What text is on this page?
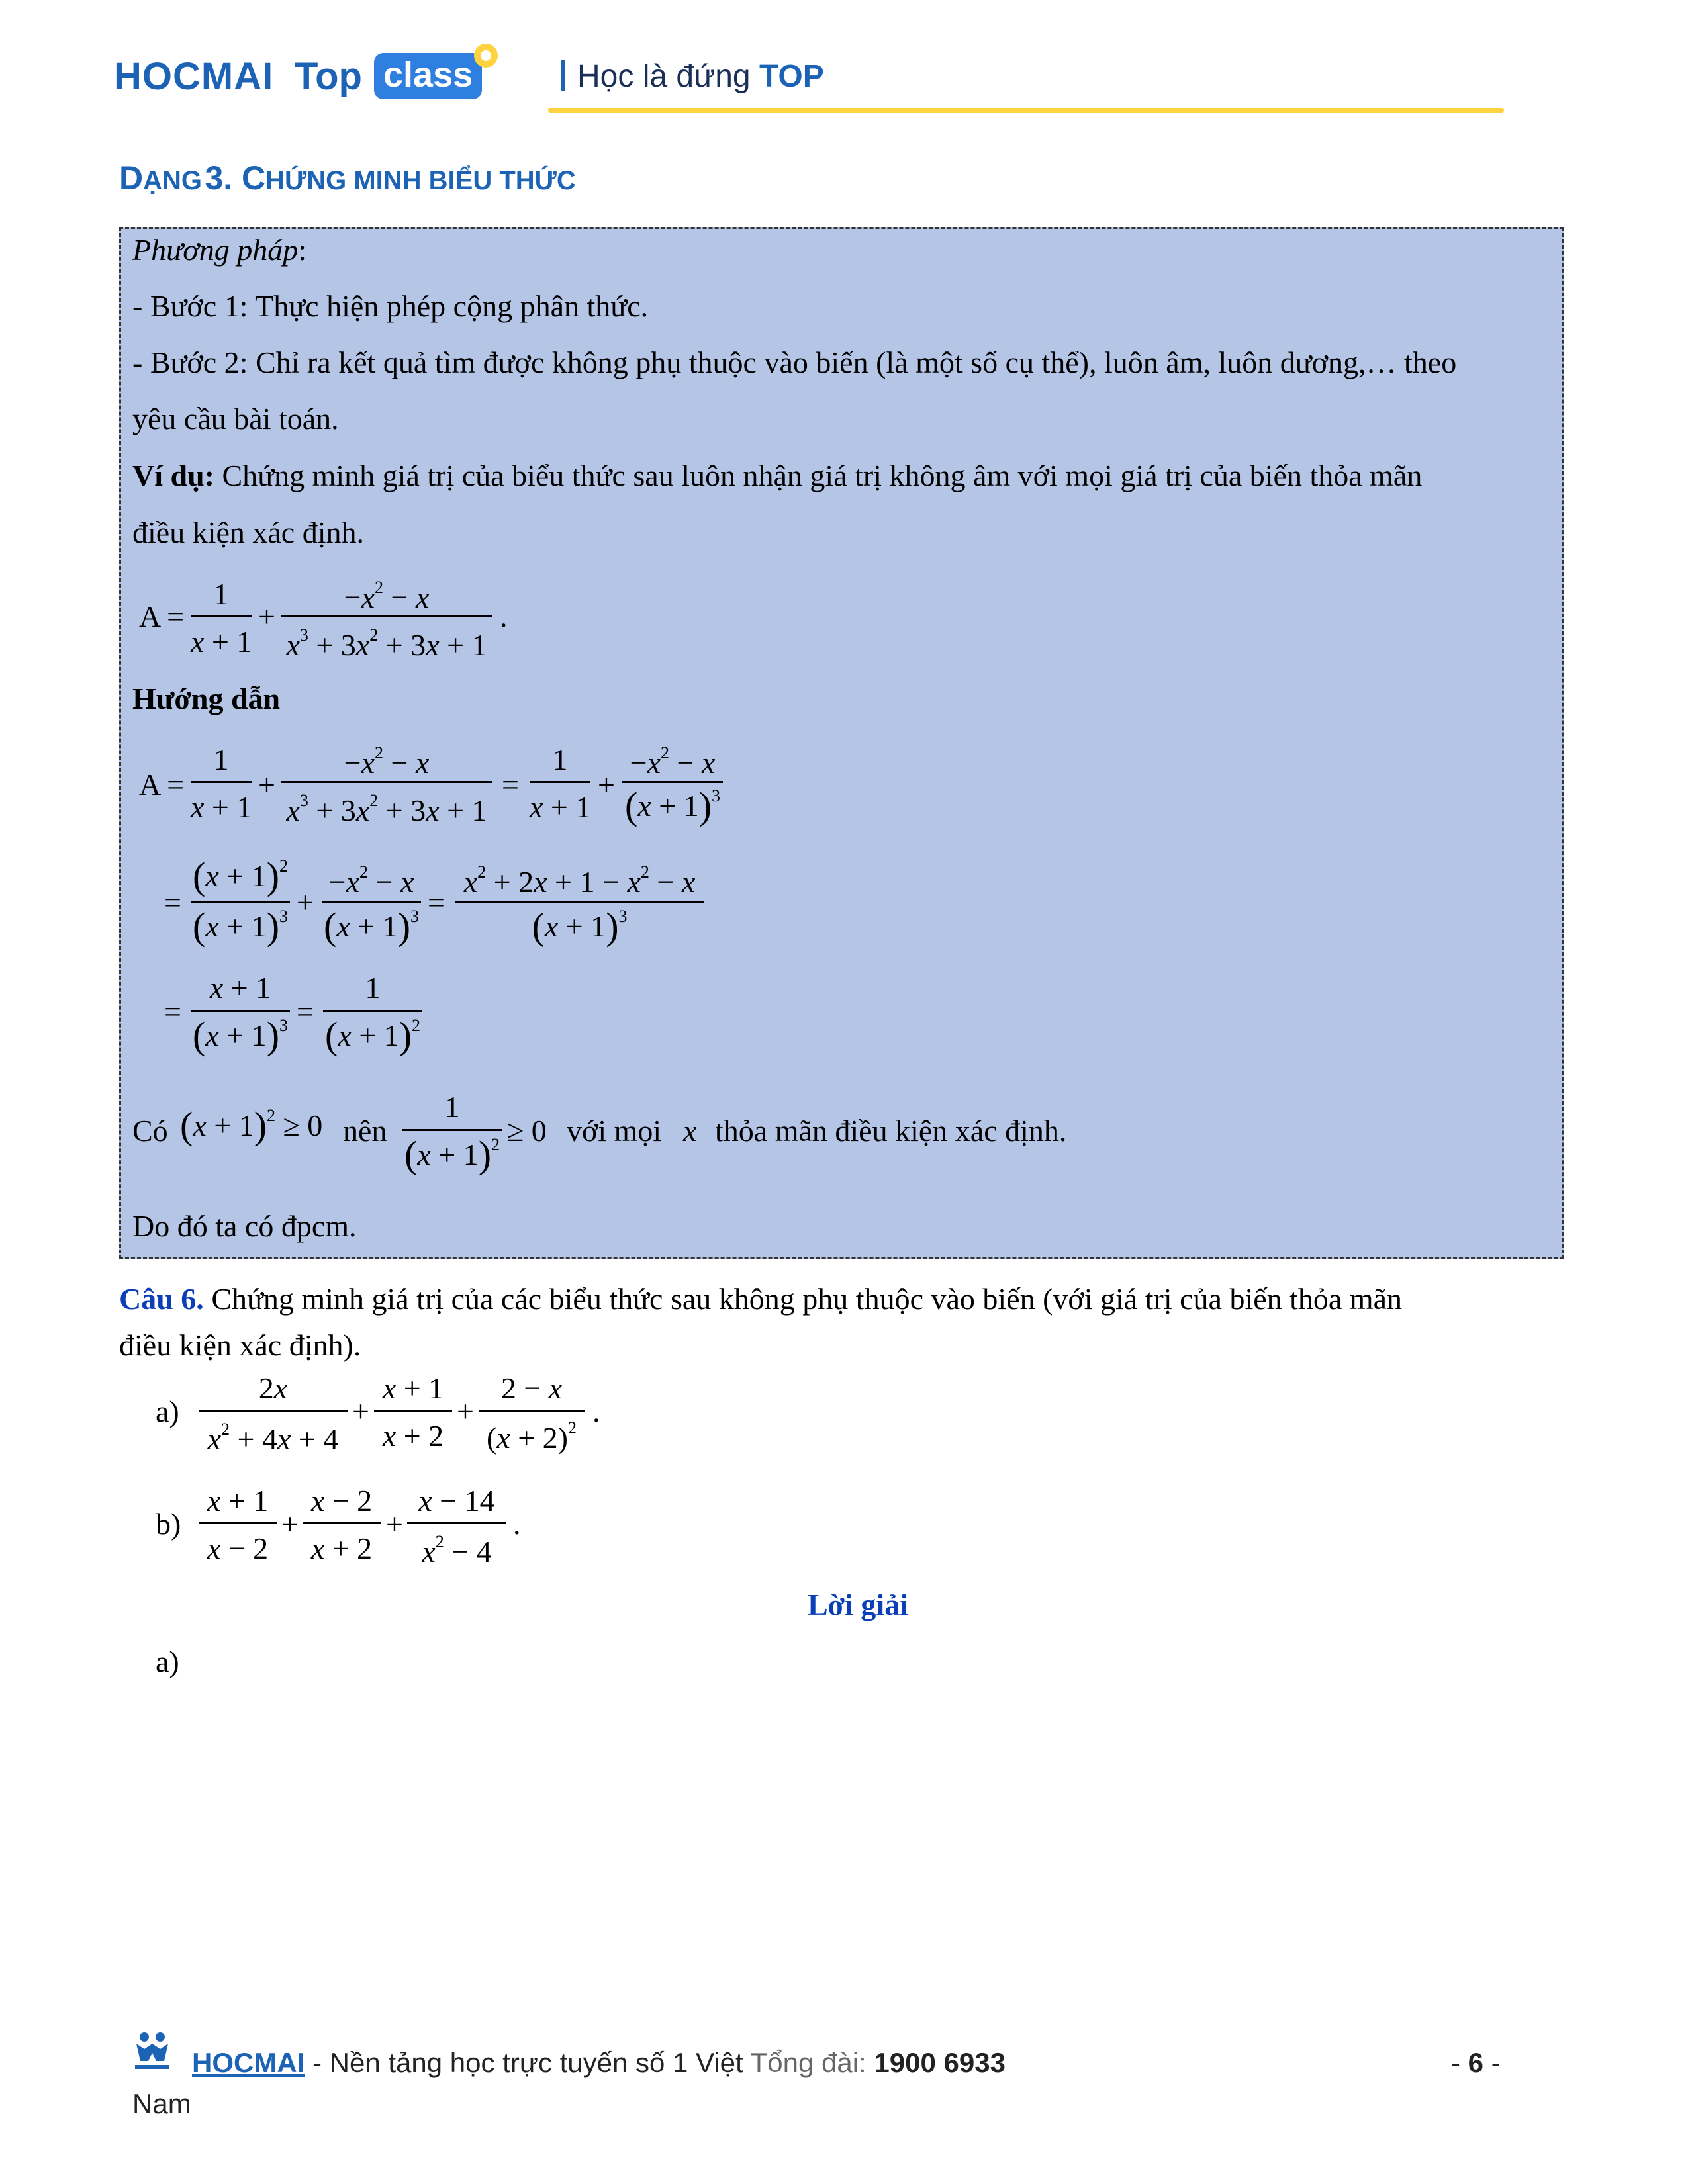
HOCMAI Top class	Học là đứng TOP
DẠNG 3. CHỨNG MINH BIỂU THỨC
Phương pháp:
- Bước 1: Thực hiện phép cộng phân thức.
- Bước 2: Chỉ ra kết quả tìm được không phụ thuộc vào biến (là một số cụ thể), luôn âm, luôn dương,… theo
yêu cầu bài toán.
Ví dụ: Chứng minh giá trị của biểu thức sau luôn nhận giá trị không âm với mọi giá trị của biến thỏa mãn
điều kiện xác định.
A =
1
x + 1
+
$-x^2 - x$
$x^3 + 3x^2 + 3x + 1$
.
Hướng dẫn
A =
1
x + 1
+
$-x^2 - x$
$x^3 + 3x^2 + 3x + 1$
=
1
x + 1
+
$-x^2 - x$
$(x + 1)^3$
=
$(x + 1)^2$
$(x + 1)^3$ +
$-x^2 - x$
$(x + 1)^3$ =
$x^2 + 2x + 1 - x^2 - x$
$(x + 1)^3$
=
x + 1
$(x + 1)^3$ =
1
$(x + 1)^2$
Có $(x + 1)^2 \ge 0$ nên
1
$(x + 1)^2 \ge 0$ với mọi x thỏa mãn điều kiện xác định.
Do đó ta có đpcm.
Câu 6. Chứng minh giá trị của các biểu thức sau không phụ thuộc vào biến (với giá trị của biến thỏa mãn
điều kiện xác định).
a)
2x
$x^2 + 4x + 4$
+
x + 1
x + 2
+
2 − x
$(x + 2)^2$ .
b)
x + 1
x − 2
+
x − 2
x + 2
+
x − 14
$x^2 - 4$
.
Lời giải
a)
HOCMAI - Nền tảng học trực tuyến số 1 Việt Tổng đài: 1900 6933
Nam
- 6 -
